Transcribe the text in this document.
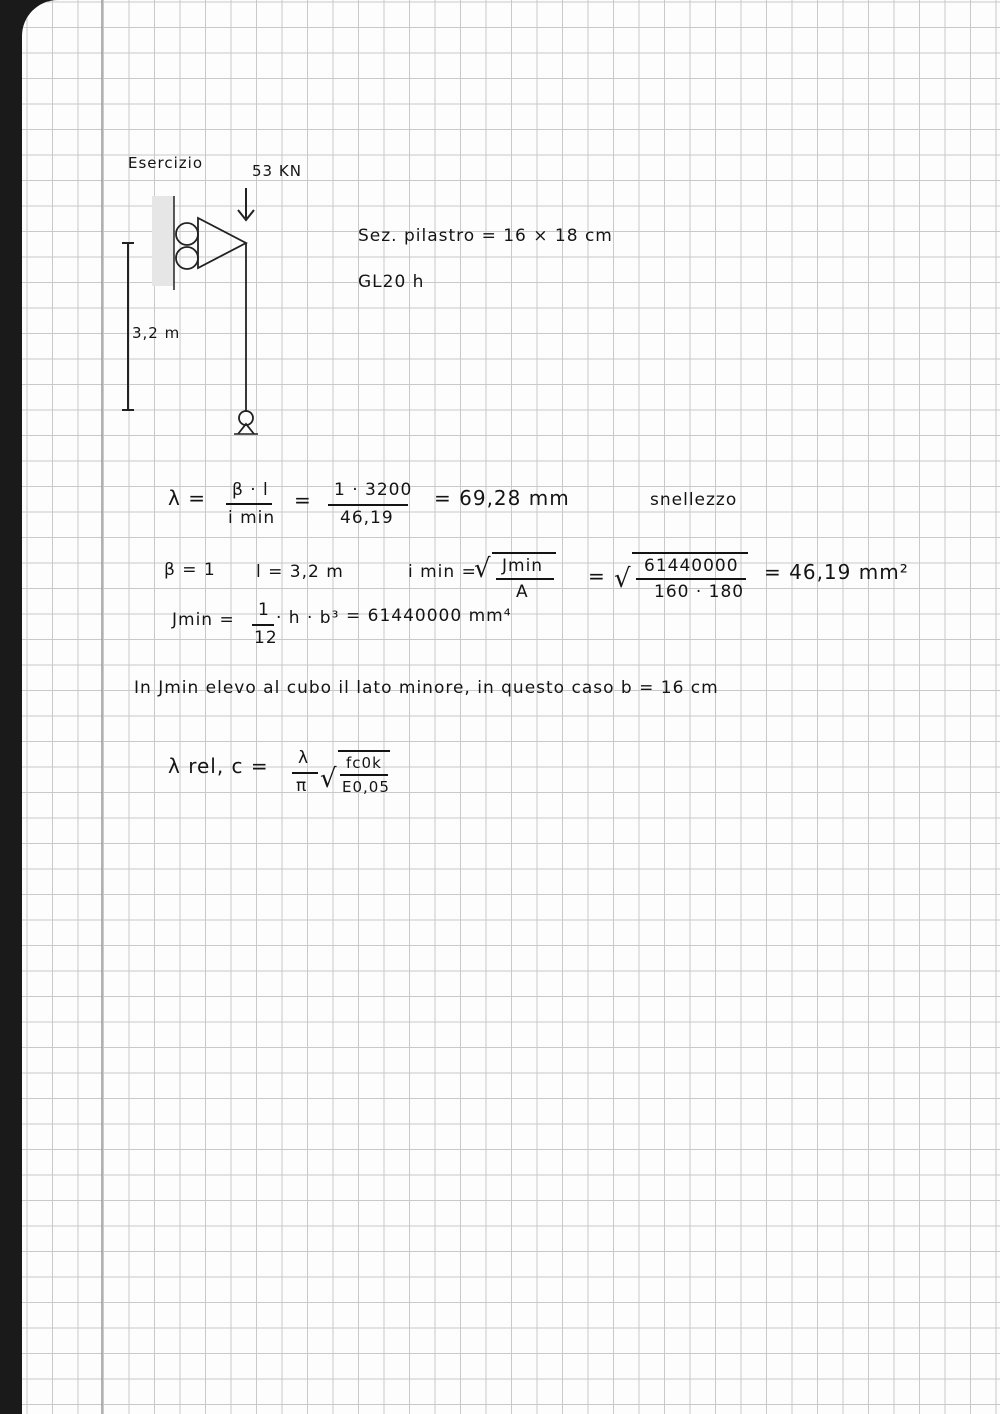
Esercizio	53 KN
3,2 m
Sez. pilastro = 16 × 18 cm
GL20 h
λ = β · l
i min
= 1 · 3200
46,19
= 69,28 mm	snellezzo
β = 1 l = 3,2 m	i min =
√ Jmin
A
= √ 61440000
160 · 180
= 46,19 mm²
Jmin = 1
12
· h · b³ = 61440000 mm⁴
In Jmin elevo al cubo il lato minore, in questo caso b = 16 cm
λ rel, c = λ
π √
fc0k
E0,05
